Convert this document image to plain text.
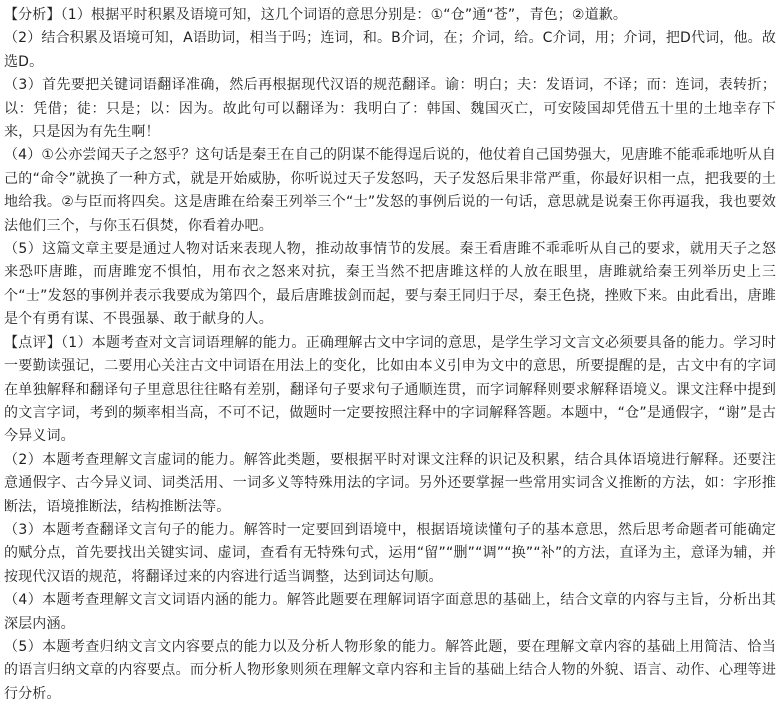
【分析】（1）根据平时积累及语境可知，这几个词语的意思分别是：①“仓”通“苍”，青色；②道歉。

（2）结合积累及语境可知，A语助词，相当于吗；连词，和。B介词，在；介词，给。C介词，用；介词，把D代词，他。故选D。

（3）首先要把关键词语翻译准确，然后再根据现代汉语的规范翻译。谕：明白；夫：发语词，不译；而：连词，表转折；以：凭借；徒：只是；以：因为。故此句可以翻译为：我明白了：韩国、魏国灭亡，可安陵国却凭借五十里的土地幸存下来，只是因为有先生啊！

（4）①公亦尝闻天子之怒乎？这句话是秦王在自己的阴谋不能得逞后说的，他仗着自己国势强大，见唐雎不能乖乖地听从自己的“命令”就换了一种方式，就是开始威胁，你听说过天子发怒吗，天子发怒后果非常严重，你最好识相一点，把我要的土地给我。②与臣而将四矣。这是唐雎在给秦王列举三个“士”发怒的事例后说的一句话，意思就是说秦王你再逼我，我也要效法他们三个，与你玉石俱焚，你看着办吧。

（5）这篇文章主要是通过人物对话来表现人物，推动故事情节的发展。秦王看唐雎不乖乖听从自己的要求，就用天子之怒来恐吓唐雎，而唐雎宠不惧怕，用布衣之怒来对抗，秦王当然不把唐雎这样的人放在眼里，唐雎就给秦王列举历史上三个“士”发怒的事例并表示我要成为第四个，最后唐雎拔剑而起，要与秦王同归于尽，秦王色挠，挫败下来。由此看出，唐雎是个有勇有谋、不畏强暴、敢于献身的人。

【点评】（1）本题考查对文言词语理解的能力。正确理解古文中字词的意思，是学生学习文言文必须要具备的能力。学习时一要勤读强记，二要用心关注古文中词语在用法上的变化，比如由本义引申为文中的意思，所要提醒的是，古文中有的字词在单独解释和翻译句子里意思往往略有差别，翻译句子要求句子通顺连贯，而字词解释则要求解释语境义。课文注释中提到的文言字词，考到的频率相当高，不可不记，做题时一定要按照注释中的字词解释答题。本题中，“仓”是通假字，“谢”是古今异义词。

（2）本题考查理解文言虚词的能力。解答此类题，要根据平时对课文注释的识记及积累，结合具体语境进行解释。还要注意通假字、古今异义词、词类活用、一词多义等特殊用法的字词。另外还要掌握一些常用实词含义推断的方法，如：字形推断法，语境推断法，结构推断法等。

（3）本题考查翻译文言句子的能力。解答时一定要回到语境中，根据语境读懂句子的基本意思，然后思考命题者可能确定的赋分点，首先要找出关键实词、虚词，查看有无特殊句式，运用“留”“删”“调”“换”“补”的方法，直译为主，意译为辅，并按现代汉语的规范，将翻译过来的内容进行适当调整，达到词达句顺。

（4）本题考查理解文言文词语内涵的能力。解答此题要在理解词语字面意思的基础上，结合文章的内容与主旨，分析出其深层内涵。

（5）本题考查归纳文言文内容要点的能力以及分析人物形象的能力。解答此题，要在理解文章内容的基础上用简洁、恰当的语言归纳文章的内容要点。而分析人物形象则须在理解文章内容和主旨的基础上结合人物的外貌、语言、动作、心理等进行分析。
